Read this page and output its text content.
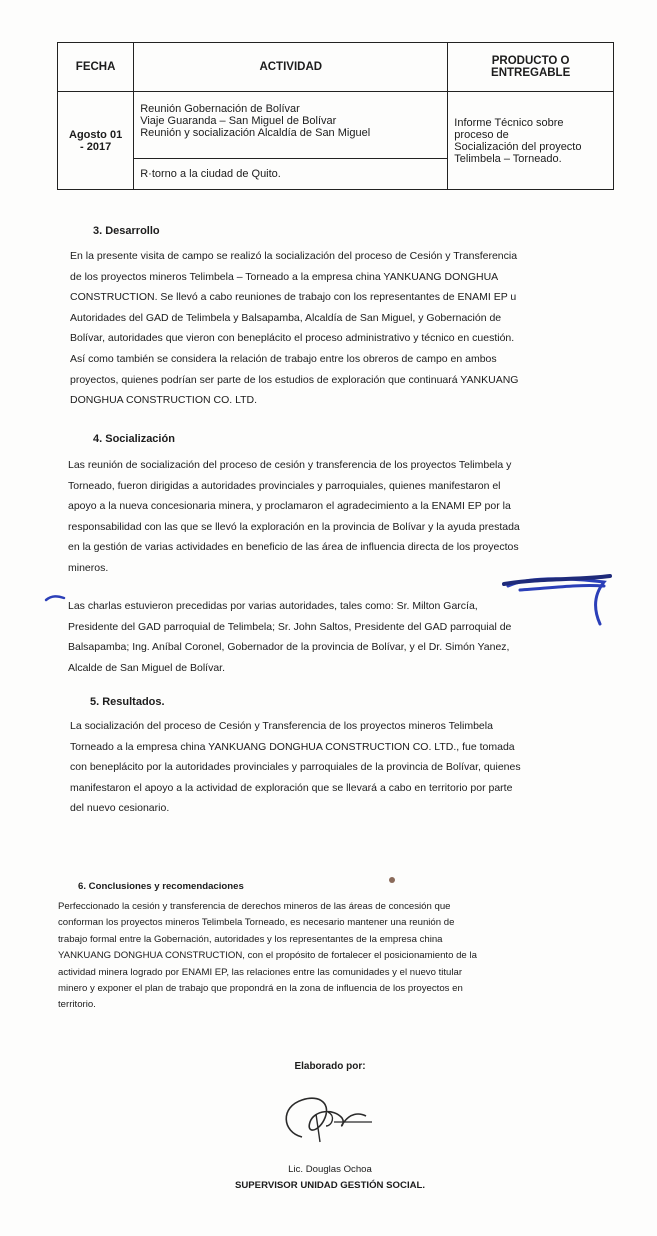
FECHA	ACTIVIDAD	PRODUCTO O
ENTREGABLE

Agosto 01
- 2017	Reunión Gobernación de Bolívar
Viaje Guaranda – San Miguel de Bolívar
Reunión y socialización Alcaldía de San Miguel	Informe Técnico sobre
proceso de
Socialización del proyecto
Telimbela – Torneado.

	R·torno a la ciudad de Quito.	
3. Desarrollo
En la presente visita de campo se realizó la socialización del proceso de Cesión y Transferencia
de los proyectos mineros Telimbela – Torneado a la empresa china YANKUANG DONGHUA
CONSTRUCTION. Se llevó a cabo reuniones de trabajo con los representantes de ENAMI EP u
Autoridades del GAD de Telimbela y Balsapamba, Alcaldía de San Miguel, y Gobernación de
Bolívar, autoridades que vieron con beneplácito el proceso administrativo y técnico en cuestión.
Así como también se considera la relación de trabajo entre los obreros de campo en ambos
proyectos, quienes podrían ser parte de los estudios de exploración que continuará YANKUANG
DONGHUA CONSTRUCTION CO. LTD.
4. Socialización
Las reunión de socialización del proceso de cesión y transferencia de los proyectos Telimbela y
Torneado, fueron dirigidas a autoridades provinciales y parroquiales, quienes manifestaron el
apoyo a la nueva concesionaria minera, y proclamaron el agradecimiento a la ENAMI EP por la
responsabilidad con las que se llevó la exploración en la provincia de Bolívar y la ayuda prestada
en la gestión de varias actividades en beneficio de las área de influencia directa de los proyectos
mineros.
Las charlas estuvieron precedidas por varias autoridades, tales como: Sr. Milton García,
Presidente del GAD parroquial de Telimbela; Sr. John Saltos, Presidente del GAD parroquial de
Balsapamba; Ing. Aníbal Coronel, Gobernador de la provincia de Bolívar, y el Dr. Simón Yanez,
Alcalde de San Miguel de Bolívar.
5. Resultados.
La socialización del proceso de Cesión y Transferencia de los proyectos mineros Telimbela
Torneado a la empresa china YANKUANG DONGHUA CONSTRUCTION CO. LTD., fue tomada
con beneplácito por la autoridades provinciales y parroquiales de la provincia de Bolívar, quienes
manifestaron el apoyo a la actividad de exploración que se llevará a cabo en territorio por parte
del nuevo cesionario.
6. Conclusiones y recomendaciones
Perfeccionado la cesión y transferencia de derechos mineros de las áreas de concesión que
conforman los proyectos mineros Telimbela Torneado, es necesario mantener una reunión de
trabajo formal entre la Gobernación, autoridades y los representantes de la empresa china
YANKUANG DONGHUA CONSTRUCTION, con el propósito de fortalecer el posicionamiento de la
actividad minera logrado por ENAMI EP, las relaciones entre las comunidades y el nuevo titular
minero y exponer el plan de trabajo que propondrá en la zona de influencia de los proyectos en
territorio.
Elaborado por:
Lic. Douglas Ochoa
SUPERVISOR UNIDAD GESTIÓN SOCIAL.
